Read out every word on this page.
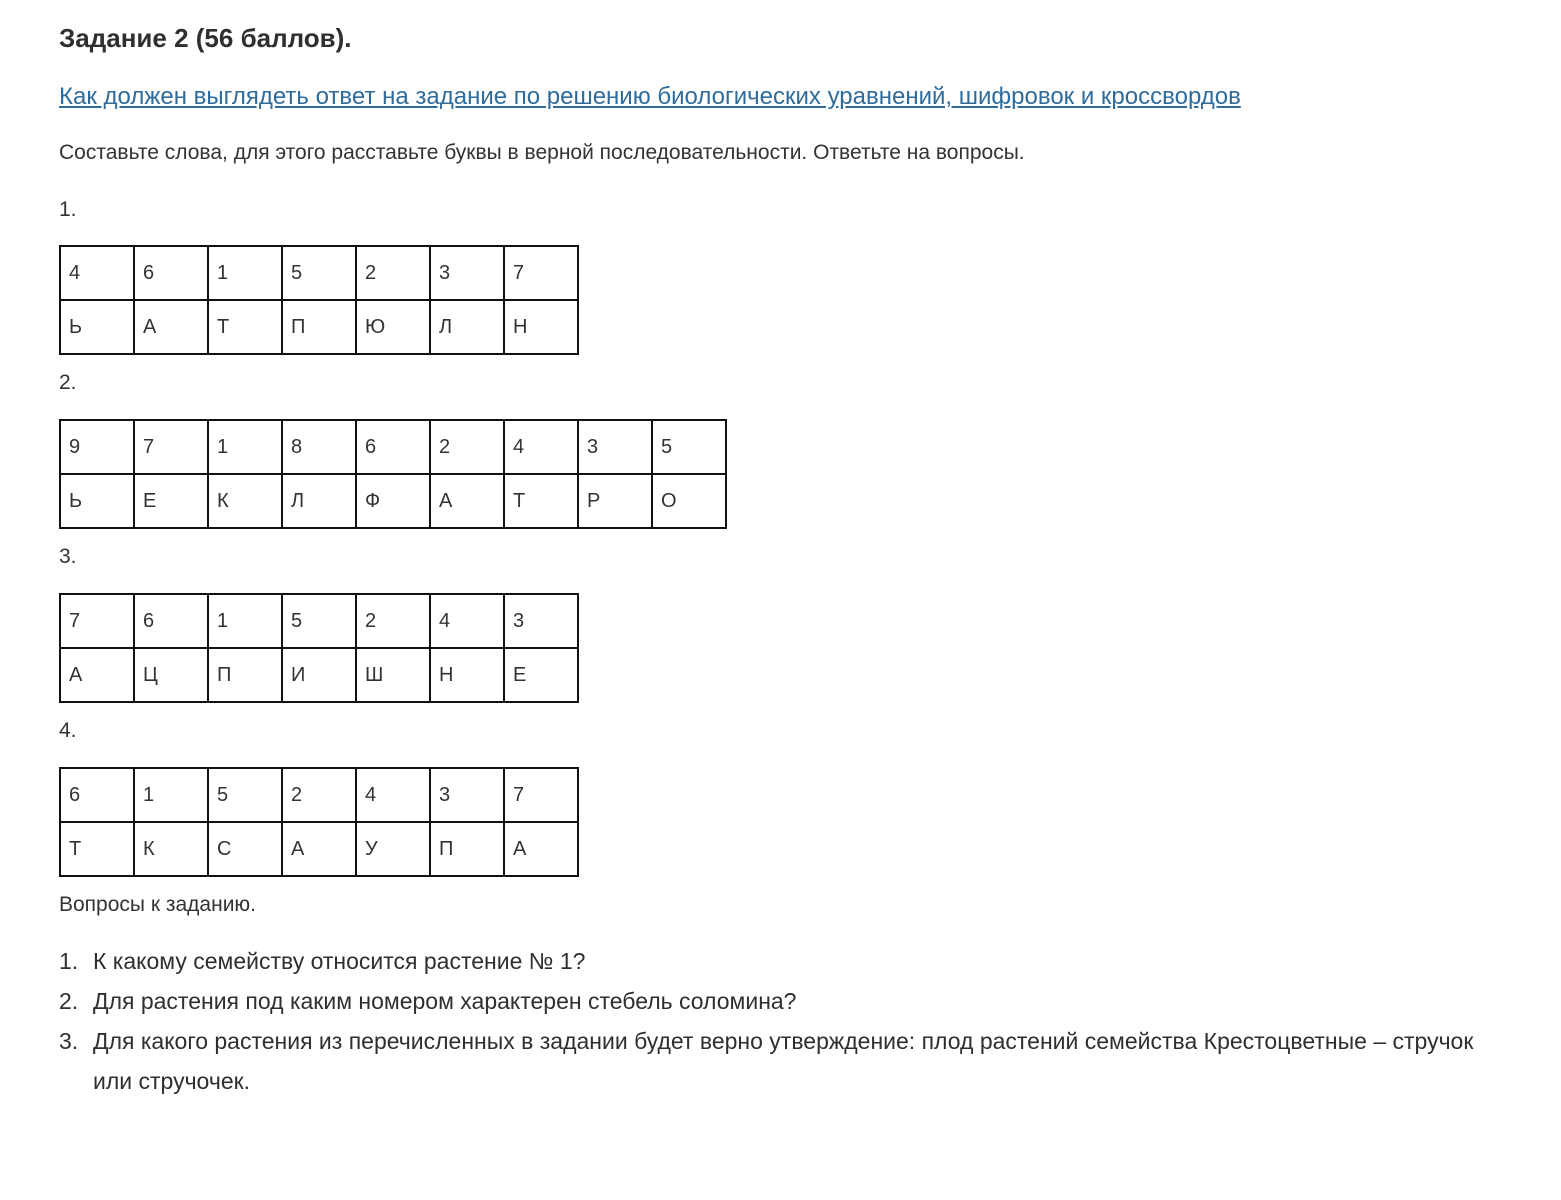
Задание 2 (56 баллов).
Как должен выглядеть ответ на задание по решению биологических уравнений, шифровок и кроссвордов

Составьте слова, для этого расставьте буквы в верной последовательности. Ответьте на вопросы.

1.

4	6	1	5	2	3	7
Ь	А	Т	П	Ю	Л	Н

2.

9	7	1	8	6	2	4	3	5
Ь	Е	К	Л	Ф	А	Т	Р	О

3.

7	6	1	5	2	4	3
А	Ц	П	И	Ш	Н	Е

4.

6	1	5	2	4	3	7
Т	К	С	А	У	П	А

Вопросы к заданию.

1. К какому семейству относится растение № 1?
2. Для растения под каким номером характерен стебель соломина?
3. Для какого растения из перечисленных в задании будет верно утверждение: плод растений семейства Крестоцветные – стручок или стручочек.
